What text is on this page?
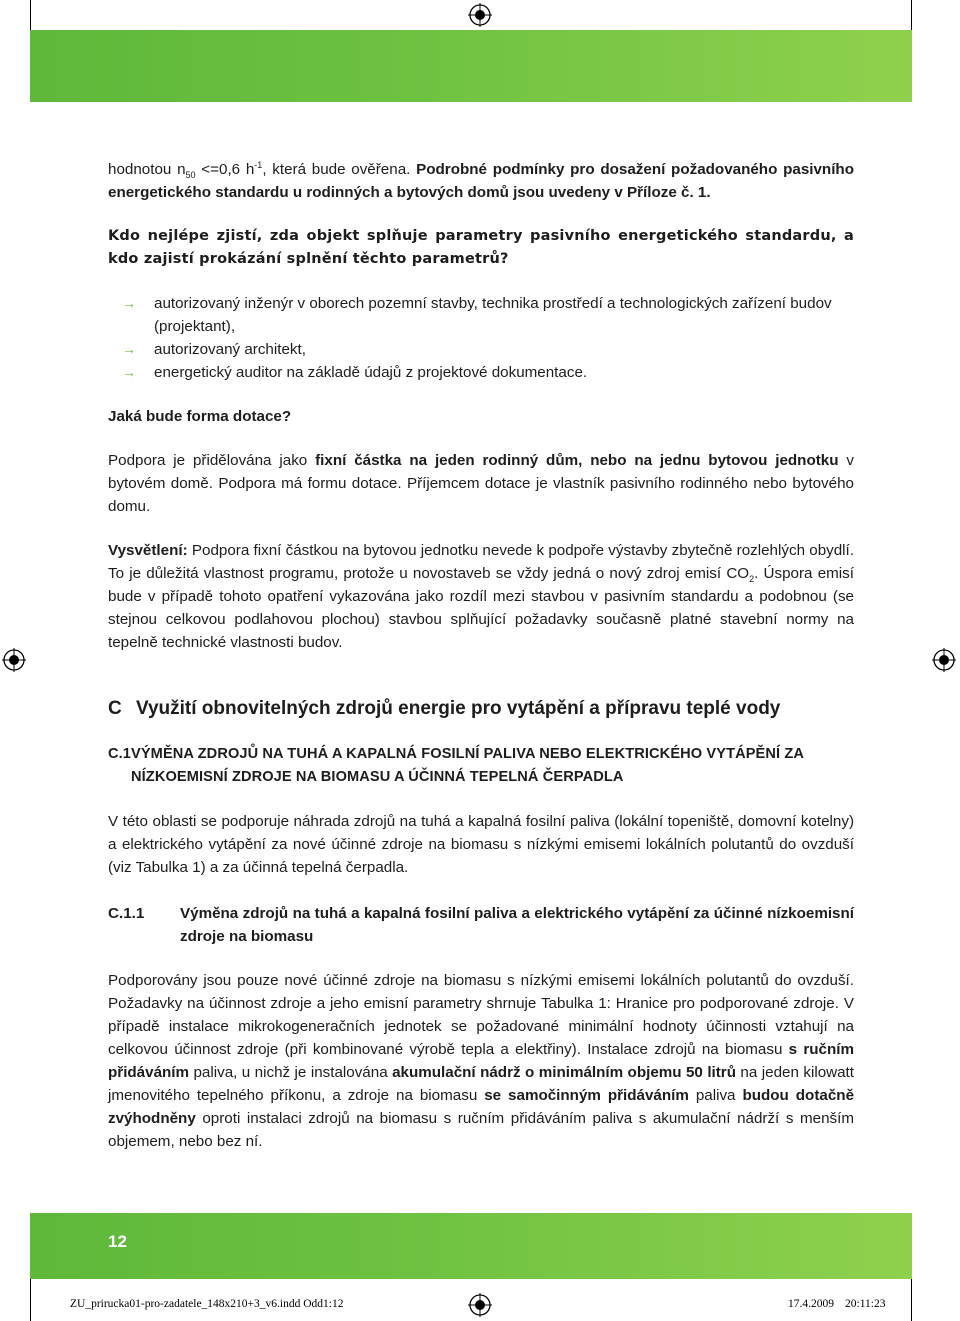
hodnotou $n_{50} <=0,6$ $h^{-1}$, která bude ověřena. Podrobné podmínky pro dosažení požadovaného pasivního energetického standardu u rodinných a bytových domů jsou uvedeny v Příloze č. 1.

Kdo nejlépe zjistí, zda objekt splňuje parametry pasivního energetického standardu, a kdo zajistí prokázání splnění těchto parametrů?

→ autorizovaný inženýr v oborech pozemní stavby, technika prostředí a technologických zařízení budov (projektant),
→ autorizovaný architekt,
→ energetický auditor na základě údajů z projektové dokumentace.

Jaká bude forma dotace?

Podpora je přidělována jako fixní částka na jeden rodinný dům, nebo na jednu bytovou jednotku v bytovém domě. Podpora má formu dotace. Příjemcem dotace je vlastník pasivního rodinného nebo bytového domu.

Vysvětlení: Podpora fixní částkou na bytovou jednotku nevede k podpoře výstavby zbytečně rozlehlých obydlí. To je důležitá vlastnost programu, protože u novostaveb se vždy jedná o nový zdroj emisí $CO_2$. Úspora emisí bude v případě tohoto opatření vykazována jako rozdíl mezi stavbou v pasivním standardu a podobnou (se stejnou celkovou podlahovou plochou) stavbou splňující požadavky současně platné stavební normy na tepelně technické vlastnosti budov.

C Využití obnovitelných zdrojů energie pro vytápění a přípravu teplé vody
C.1 VÝMĚNA ZDROJŮ NA TUHÁ A KAPALNÁ FOSILNÍ PALIVA NEBO ELEKTRICKÉHO VYTÁPĚNÍ ZA NÍZKOEMISNÍ ZDROJE NA BIOMASU A ÚČINNÁ TEPELNÁ ČERPADLA

V této oblasti se podporuje náhrada zdrojů na tuhá a kapalná fosilní paliva (lokální topeniště, domovní kotelny) a elektrického vytápění za nové účinné zdroje na biomasu s nízkými emisemi lokálních polutantů do ovzduší (viz Tabulka 1) a za účinná tepelná čerpadla.

C.1.1	Výměna zdrojů na tuhá a kapalná fosilní paliva a elektrického vytápění za účinné nízkoemisní zdroje na biomasu

Podporovány jsou pouze nové účinné zdroje na biomasu s nízkými emisemi lokálních polutantů do ovzduší. Požadavky na účinnost zdroje a jeho emisní parametry shrnuje Tabulka 1: Hranice pro podporované zdroje. V případě instalace mikrokogeneračních jednotek se požadované minimální hodnoty účinnosti vztahují na celkovou účinnost zdroje (při kombinované výrobě tepla a elektřiny). Instalace zdrojů na biomasu s ručním přidáváním paliva, u nichž je instalována akumulační nádrž o minimálním objemu 50 litrů na jeden kilowatt jmenovitého tepelného příkonu, a zdroje na biomasu se samočinným přidáváním paliva budou dotačně zvýhodněny oproti instalaci zdrojů na biomasu s ručním přidáváním paliva s akumulační nádrží s menším objemem, nebo bez ní.

12
ZU_prirucka01-pro-zadatele_148x210+3_v6.indd Odd1:12	17.4.2009 20:11:23
